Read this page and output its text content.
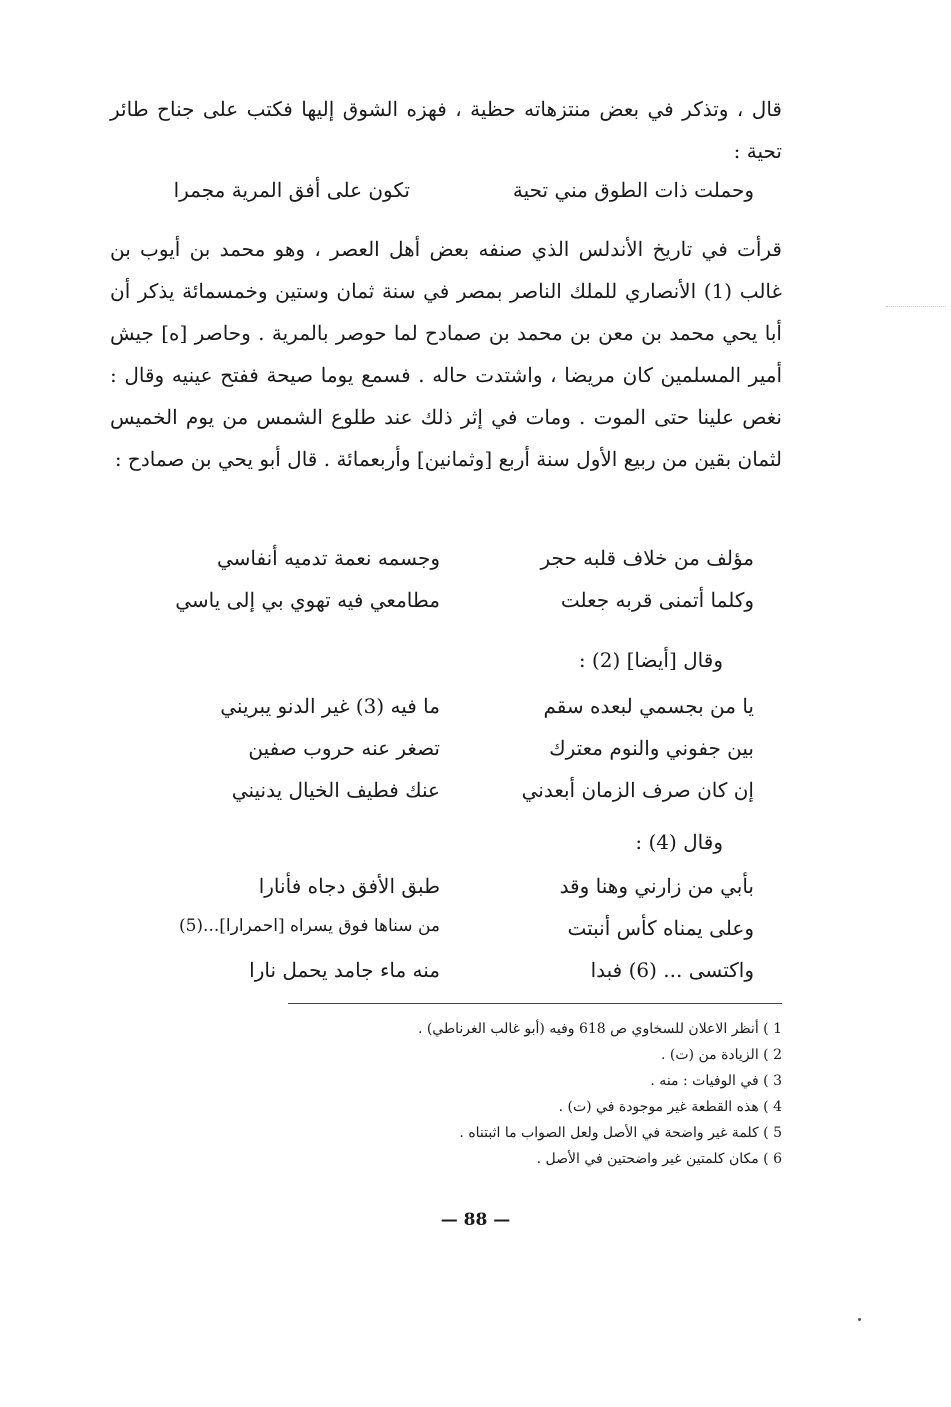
قال ، وتذكر في بعض منتزهاته حظية ، فهزه الشوق إليها فكتب على جناح طائر تحية :

وحملت ذات الطوق مني تحية
تكون على أفق المرية مجمرا

قرأت في تاريخ الأندلس الذي صنفه بعض أهل العصر ، وهو محمد بن أيوب بن غالب (1) الأنصاري للملك الناصر بمصر في سنة ثمان وستين وخمسمائة يذكر أن أبا يحي محمد بن معن بن محمد بن صمادح لما حوصر بالمرية . وحاصر [ه] جيش أمير المسلمين كان مريضا ، واشتدت حاله . فسمع يوما صيحة ففتح عينيه وقال : نغص علينا حتى الموت . ومات في إثر ذلك عند طلوع الشمس من يوم الخميس لثمان بقين من ربيع الأول سنة أربع [وثمانين] وأربعمائة . قال أبو يحي بن صمادح :

مؤلف من خلاف قلبه حجر
وجسمه نعمة تدميه أنفاسي
وكلما أتمنى قربه جعلت
مطامعي فيه تهوي بي إلى ياسي
وقال [أيضا] (2) :
يا من بجسمي لبعده سقم
ما فيه (3) غير الدنو يبريني
بين جفوني والنوم معترك
تصغر عنه حروب صفين
إن كان صرف الزمان أبعدني
عنك فطيف الخيال يدنيني
وقال (4) :
بأبي من زارني وهنا وقد
طبق الأفق دجاه فأنارا
وعلى يمناه كأس أنبتت
من سناها فوق يسراه [احمرارا]...(5)
واكتسى ... (6) فبدا
منه ماء جامد يحمل نارا
1 ) أنظر الاعلان للسخاوي ص 618 وفيه (أبو غالب الغرناطي) .
2 ) الزيادة من (ت) .
3 ) في الوفيات : منه .
4 ) هذه القطعة غير موجودة في (ت) .
5 ) كلمة غير واضحة في الأصل ولعل الصواب ما اثبتناه .
6 ) مكان كلمتين غير واضحتين في الأصل .
— 88 —
